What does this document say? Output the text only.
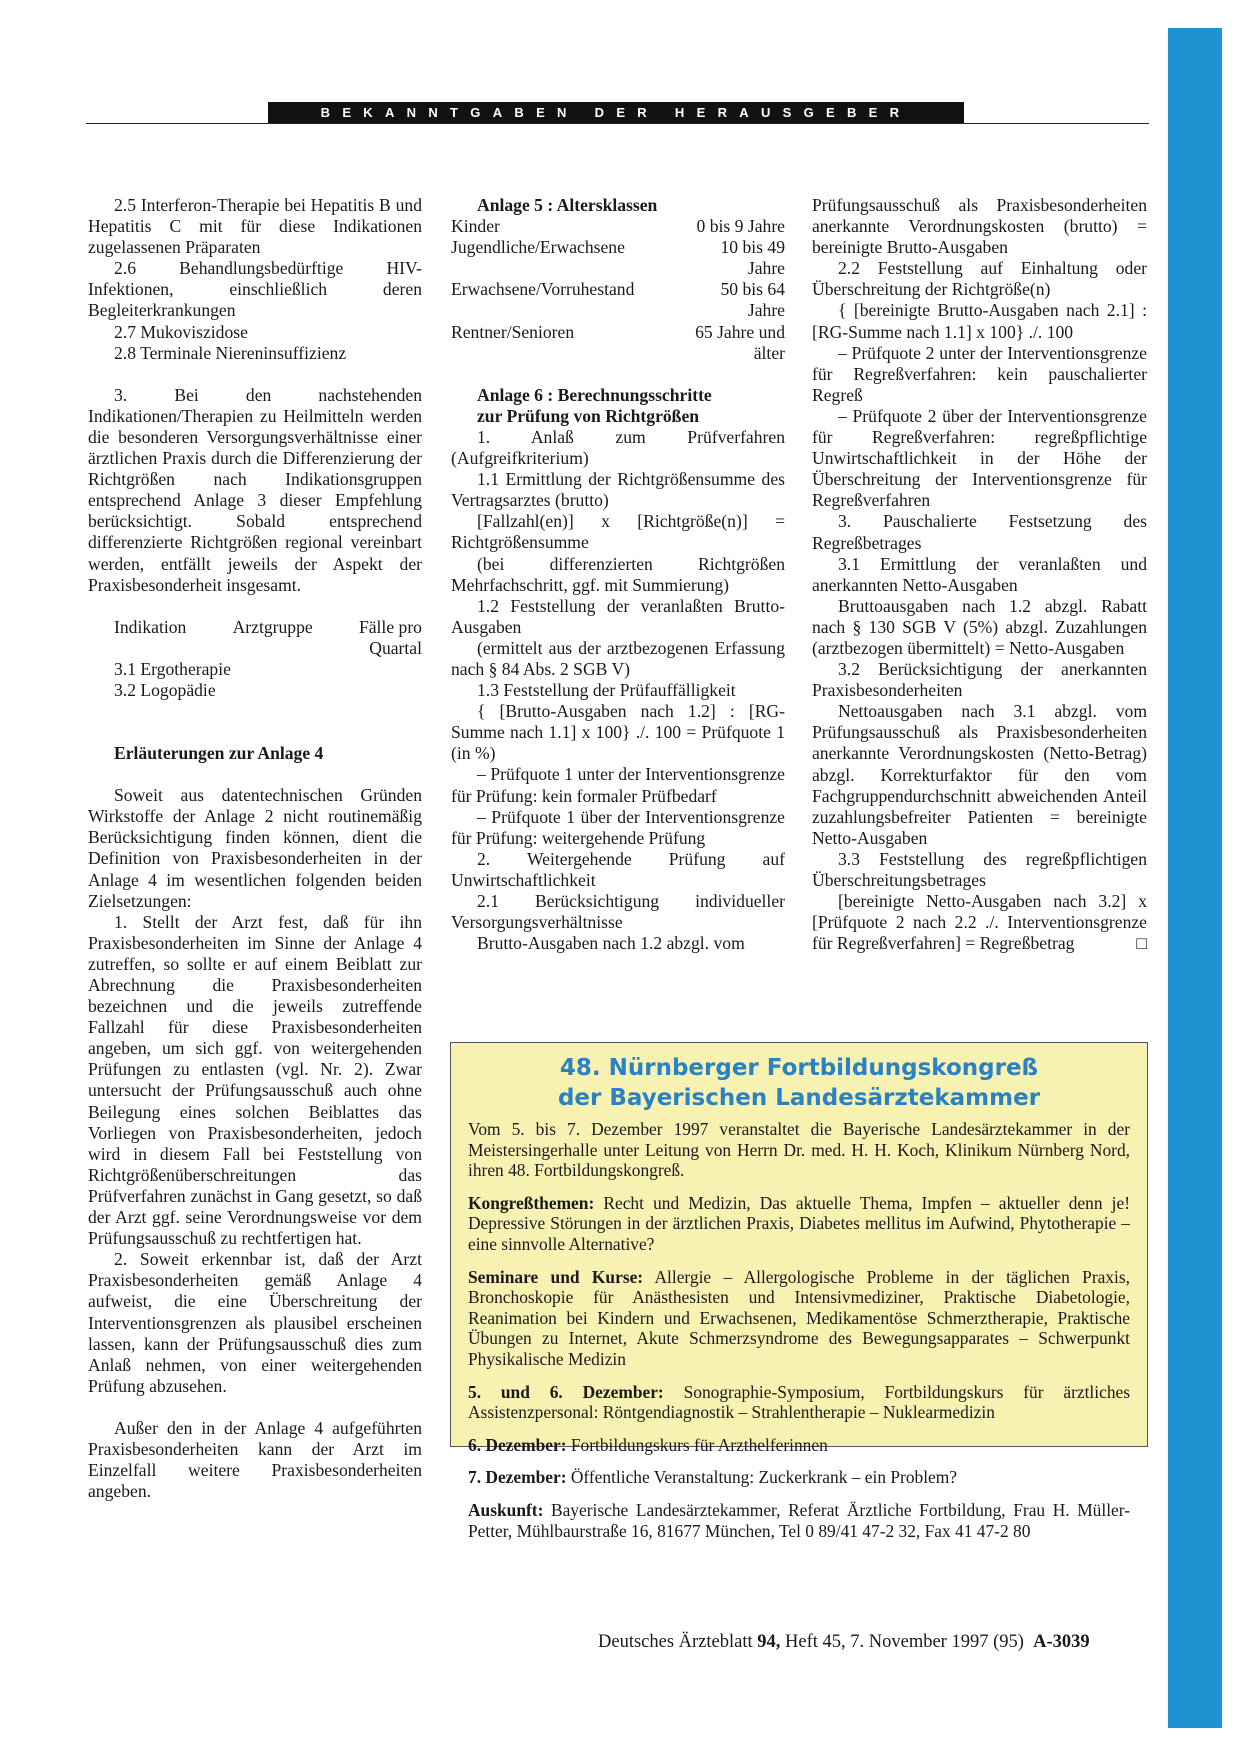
BEKANNTGABEN DER HERAUSGEBER

2.5 Interferon-Therapie bei Hepatitis B und Hepatitis C mit für diese Indikationen zugelassenen Präparaten

2.6 Behandlungsbedürftige HIV-Infektionen, einschließlich deren Begleiterkrankungen

2.7 Mukoviszidose

2.8 Terminale Niereninsuffizienz

3. Bei den nachstehenden Indikationen/Therapien zu Heilmitteln werden die besonderen Versorgungsverhältnisse einer ärztlichen Praxis durch die Differenzierung der Richtgrößen nach Indikationsgruppen entsprechend Anlage 3 dieser Empfehlung berücksichtigt. Sobald entsprechend differenzierte Richtgrößen regional vereinbart werden, entfällt jeweils der Aspekt der Praxisbesonderheit insgesamt.

Indikation	Arztgruppe	Fälle pro
Quartal

3.1 Ergotherapie

3.2 Logopädie

Erläuterungen zur Anlage 4

Soweit aus datentechnischen Gründen Wirkstoffe der Anlage 2 nicht routinemäßig Berücksichtigung finden können, dient die Definition von Praxisbesonderheiten in der Anlage 4 im wesentlichen folgenden beiden Zielsetzungen:

1. Stellt der Arzt fest, daß für ihn Praxisbesonderheiten im Sinne der Anlage 4 zutreffen, so sollte er auf einem Beiblatt zur Abrechnung die Praxisbesonderheiten bezeichnen und die jeweils zutreffende Fallzahl für diese Praxisbesonderheiten angeben, um sich ggf. von weitergehenden Prüfungen zu entlasten (vgl. Nr. 2). Zwar untersucht der Prüfungsausschuß auch ohne Beilegung eines solchen Beiblattes das Vorliegen von Praxisbesonderheiten, jedoch wird in diesem Fall bei Feststellung von Richtgrößenüberschreitungen das Prüfverfahren zunächst in Gang gesetzt, so daß der Arzt ggf. seine Verordnungsweise vor dem Prüfungsausschuß zu rechtfertigen hat.

2. Soweit erkennbar ist, daß der Arzt Praxisbesonderheiten gemäß Anlage 4 aufweist, die eine Überschreitung der Interventionsgrenzen als plausibel erscheinen lassen, kann der Prüfungsausschuß dies zum Anlaß nehmen, von einer weitergehenden Prüfung abzusehen.

Außer den in der Anlage 4 aufgeführten Praxisbesonderheiten kann der Arzt im Einzelfall weitere Praxisbesonderheiten angeben.

Anlage 5 : Altersklassen

Kinder	0 bis 9 Jahre
Jugendliche/Erwachsene	10 bis 49
Jahre
Erwachsene/Vorruhestand	50 bis 64
Jahre
Rentner/Senioren	65 Jahre und
älter

Anlage 6 : Berechnungsschritte

zur Prüfung von Richtgrößen

1. Anlaß zum Prüfverfahren (Aufgreifkriterium)

1.1 Ermittlung der Richtgrößensumme des Vertragsarztes (brutto)

[Fallzahl(en)] x [Richtgröße(n)] = Richtgrößensumme

(bei differenzierten Richtgrößen Mehrfachschritt, ggf. mit Summierung)

1.2 Feststellung der veranlaßten Brutto-Ausgaben

(ermittelt aus der arztbezogenen Erfassung nach § 84 Abs. 2 SGB V)

1.3 Feststellung der Prüfauffälligkeit

{ [Brutto-Ausgaben nach 1.2] : [RG-Summe nach 1.1] x 100} ./. 100 = Prüfquote 1 (in %)

– Prüfquote 1 unter der Interventionsgrenze für Prüfung: kein formaler Prüfbedarf

– Prüfquote 1 über der Interventionsgrenze für Prüfung: weitergehende Prüfung

2. Weitergehende Prüfung auf Unwirtschaftlichkeit

2.1 Berücksichtigung individueller Versorgungsverhältnisse

Brutto-Ausgaben nach 1.2 abzgl. vom

Prüfungsausschuß als Praxisbesonderheiten anerkannte Verordnungskosten (brutto) = bereinigte Brutto-Ausgaben

2.2 Feststellung auf Einhaltung oder Überschreitung der Richtgröße(n)

{ [bereinigte Brutto-Ausgaben nach 2.1] : [RG-Summe nach 1.1] x 100} ./. 100

– Prüfquote 2 unter der Interventionsgrenze für Regreßverfahren: kein pauschalierter Regreß

– Prüfquote 2 über der Interventionsgrenze für Regreßverfahren: regreßpflichtige Unwirtschaftlichkeit in der Höhe der Überschreitung der Interventionsgrenze für Regreßverfahren

3. Pauschalierte Festsetzung des Regreßbetrages

3.1 Ermittlung der veranlaßten und anerkannten Netto-Ausgaben

Bruttoausgaben nach 1.2 abzgl. Rabatt nach § 130 SGB V (5%) abzgl. Zuzahlungen (arztbezogen übermittelt) = Netto-Ausgaben

3.2 Berücksichtigung der anerkannten Praxisbesonderheiten

Nettoausgaben nach 3.1 abzgl. vom Prüfungsausschuß als Praxisbesonderheiten anerkannte Verordnungskosten (Netto-Betrag) abzgl. Korrekturfaktor für den vom Fachgruppendurchschnitt abweichenden Anteil zuzahlungsbefreiter Patienten = bereinigte Netto-Ausgaben

3.3 Feststellung des regreßpflichtigen Überschreitungsbetrages

[bereinigte Netto-Ausgaben nach 3.2] x [Prüfquote 2 nach 2.2 ./. Interventionsgrenze für Regreßverfahren] = Regreßbetrag	□

48. Nürnberger Fortbildungskongreß
der Bayerischen Landesärztekammer

Vom 5. bis 7. Dezember 1997 veranstaltet die Bayerische Landesärztekammer in der Meistersingerhalle unter Leitung von Herrn Dr. med. H. H. Koch, Klinikum Nürnberg Nord, ihren 48. Fortbildungskongreß.

Kongreßthemen: Recht und Medizin, Das aktuelle Thema, Impfen – aktueller denn je! Depressive Störungen in der ärztlichen Praxis, Diabetes mellitus im Aufwind, Phytotherapie – eine sinnvolle Alternative?

Seminare und Kurse: Allergie – Allergologische Probleme in der täglichen Praxis, Bronchoskopie für Anästhesisten und Intensivmediziner, Praktische Diabetologie, Reanimation bei Kindern und Erwachsenen, Medikamentöse Schmerztherapie, Praktische Übungen zu Internet, Akute Schmerzsyndrome des Bewegungsapparates – Schwerpunkt Physikalische Medizin

5. und 6. Dezember: Sonographie-Symposium, Fortbildungskurs für ärztliches Assistenzpersonal: Röntgendiagnostik – Strahlentherapie – Nuklearmedizin

6. Dezember: Fortbildungskurs für Arzthelferinnen

7. Dezember: Öffentliche Veranstaltung: Zuckerkrank – ein Problem?

Auskunft: Bayerische Landesärztekammer, Referat Ärztliche Fortbildung, Frau H. Müller-Petter, Mühlbaurstraße 16, 81677 München, Tel 0 89/41 47-2 32, Fax 41 47-2 80

Deutsches Ärzteblatt 94, Heft 45, 7. November 1997 (95) A-3039
